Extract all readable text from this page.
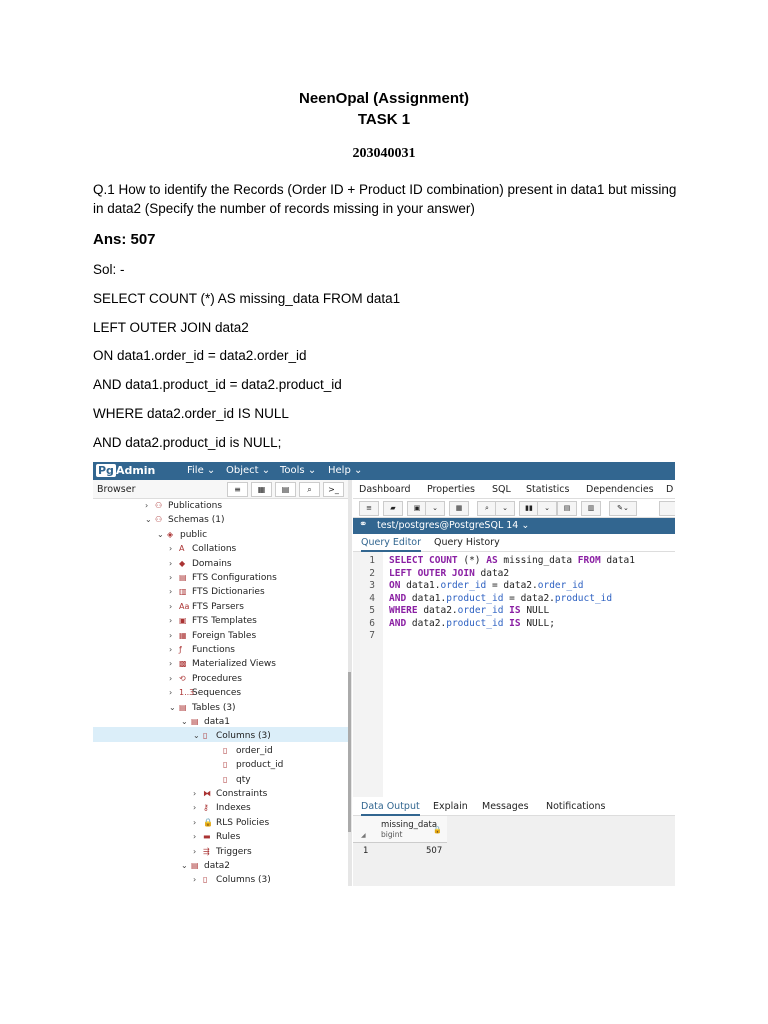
NeenOpal (Assignment)
TASK 1
203040031
Q.1 How to identify the Records (Order ID + Product ID combination) present in data1 but missing in data2 (Specify the number of records missing in your answer)
Ans: 507
Sol: -
SELECT COUNT (*) AS missing_data FROM data1
LEFT OUTER JOIN data2
ON data1.order_id = data2.order_id
AND data1.product_id = data2.product_id
WHERE data2.order_id IS NULL
AND data2.product_id is NULL;
Pg Admin	File ⌄ Object ⌄ Tools ⌄ Help ⌄
Browser	≡	▦	▤	⌕	>_
› ⚇ Publications
⌄ ⚇ Schemas (1)
⌄ ◈ public
› A Collations
› ◆ Domains
› ▤ FTS Configurations
› ▥ FTS Dictionaries
› Aa FTS Parsers
› ▣ FTS Templates
› ▦ Foreign Tables
› ƒ Functions
› ▩ Materialized Views
› ⟲ Procedures
› 1..3Sequences
⌄ ▤ Tables (3)
⌄ ▤ data1
⌄ ▯ Columns (3)
▯ order_id
▯ product_id
▯ qty
› ⧓ Constraints
› ⚷ Indexes
› 🔒 RLS Policies
› ▬ Rules
› ⇶ Triggers
⌄ ▤ data2
› ▯ Columns (3)
Dashboard Properties SQL Statistics Dependencies D
≡	▰	▣	⌄	▦	⌕	⌄	▮▮	⌄	▤	▥	✎⌄
⚭ test/postgres@PostgreSQL 14 ⌄
Query Editor Query History
1 SELECT COUNT (*) AS missing_data FROM data1
2 LEFT OUTER JOIN data2
3 ON data1.order_id = data2.order_id
4 AND data1.product_id = data2.product_id
5 WHERE data2.order_id IS NULL
6 AND data2.product_id IS NULL;
7
Data Output Explain Messages Notifications
missing_data
bigint	🔒
◢
1	507
